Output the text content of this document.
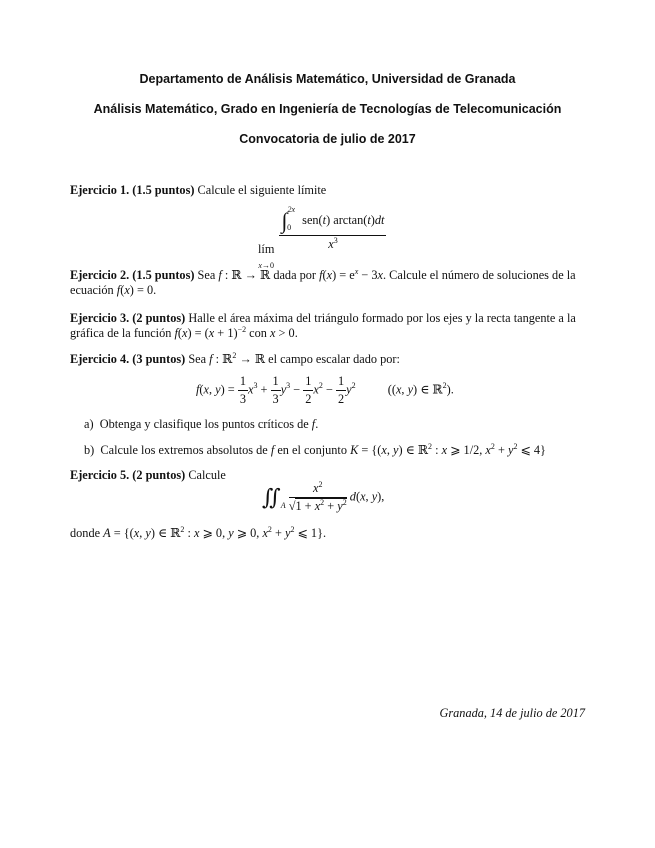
Departamento de Análisis Matemático, Universidad de Granada
Análisis Matemático, Grado en Ingeniería de Tecnologías de Telecomunicación
Convocatoria de julio de 2017
Ejercicio 1. (1.5 puntos) Calcule el siguiente límite
lím
x→0
$\frac{\int^{2x}_0 sen(t) \arctan(t)dt}{x^3}$
Ejercicio 2. (1.5 puntos) Sea f : ℝ → ℝ dada por $f(x) = e^x - 3x$. Calcule el número de soluciones de la ecuación f(x) = 0.
Ejercicio 3. (2 puntos) Halle el área máxima del triángulo formado por los ejes y la recta tangente a la gráfica de la función $f(x) = (x + 1)^{-2}$ con x > 0.
Ejercicio 4. (3 puntos) Sea f : ℝ$^2$ → ℝ el campo escalar dado por:
f(x, $y) = \frac{1}{3} x^3 + \frac{1}{3} y^3 - \frac{1}{2} x^2 - \frac{1}{2} y^2$  ((x, y) ∈ ℝ$^2$).
a)  Obtenga y clasifique los puntos críticos de f.
b)  Calcule los extremos absolutos de f en el conjunto K = {(x, y) ∈ ℝ$^2$ : x ⩾ 1/2, $x^2 + y^2$ ⩽ 4}
Ejercicio 5. (2 puntos) Calcule
$∬_A \frac{x^2}{√1 + x^2 + y^2} d(x$, y),
donde A = {(x, y) ∈ ℝ$^2$ : x ⩾ 0, y ⩾ 0, $x^2 + y^2$ ⩽ 1}.
Granada, 14 de julio de 2017
